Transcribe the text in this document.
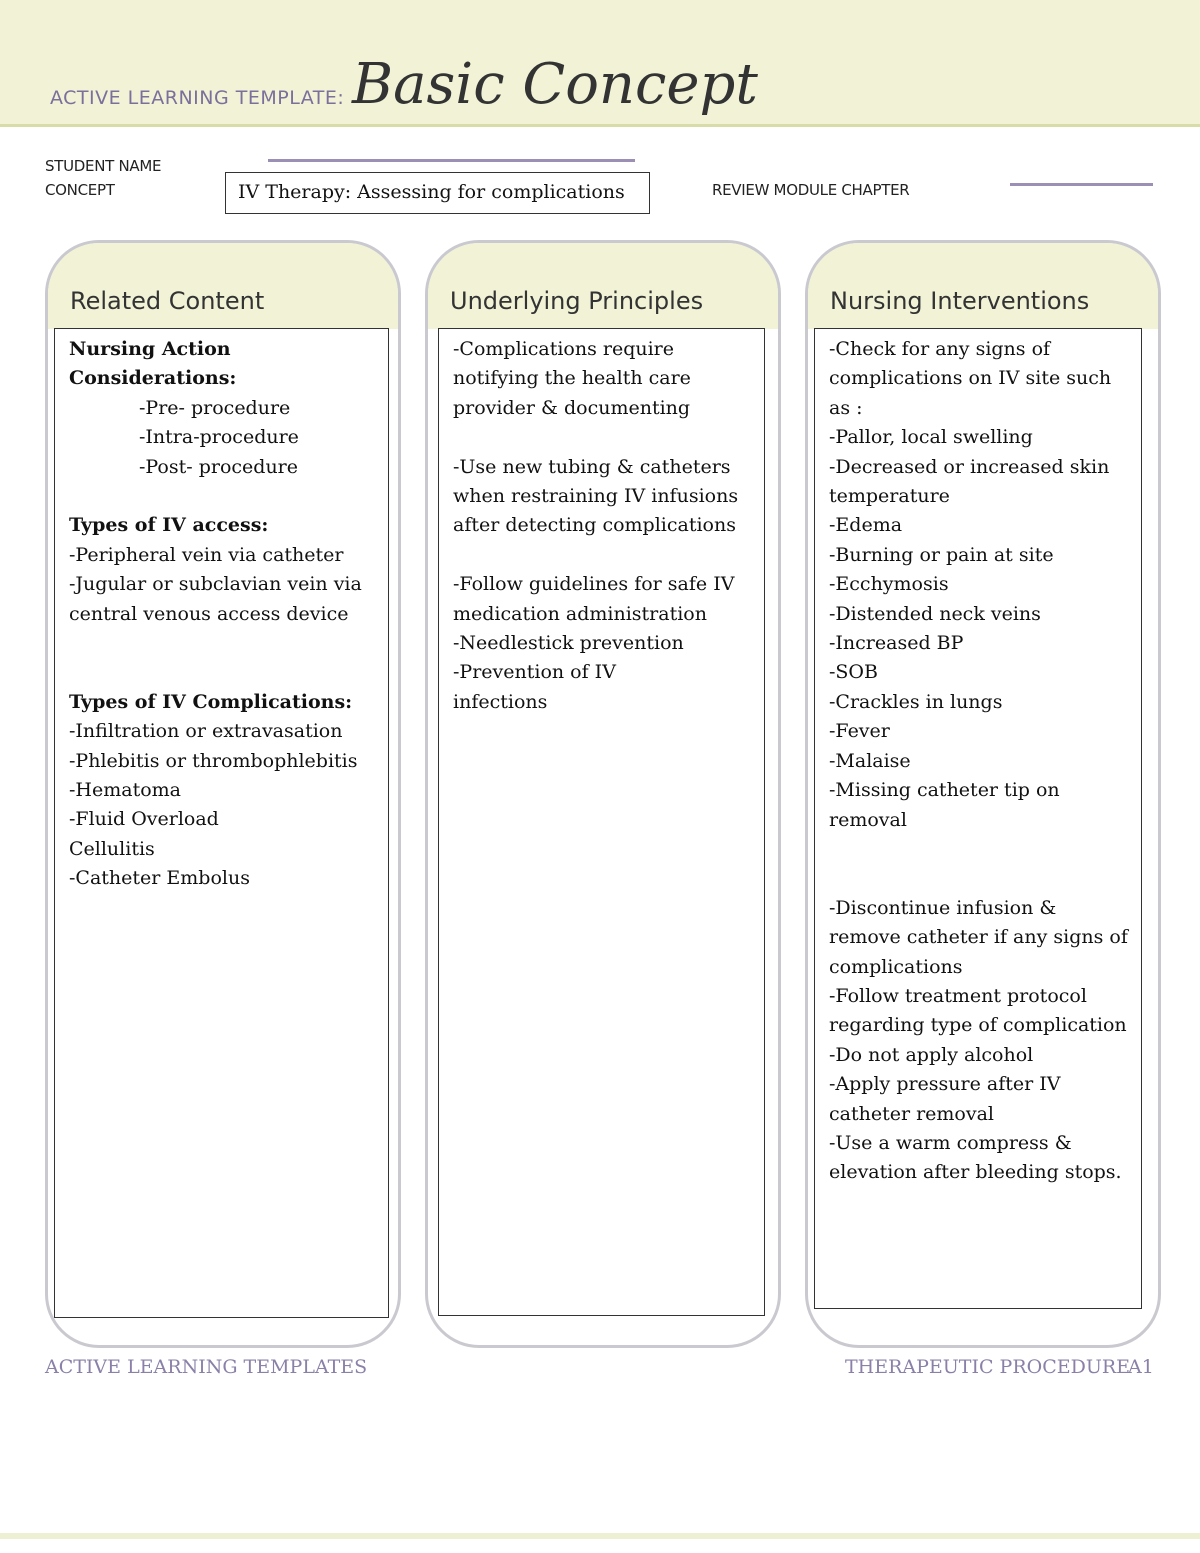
ACTIVE LEARNING TEMPLATE: Basic Concept
STUDENT NAME
CONCEPT	IV Therapy: Assessing for complications	REVIEW MODULE CHAPTER
Related Content
Nursing Action
Considerations:
-Pre- procedure
-Intra-procedure
-Post- procedure
Types of IV access:
-Peripheral vein via catheter
-Jugular or subclavian vein via
central venous access device
Types of IV Complications:
-Infiltration or extravasation
-Phlebitis or thrombophlebitis
-Hematoma
-Fluid Overload
Cellulitis
-Catheter Embolus
Underlying Principles
-Complications require
notifying the health care
provider & documenting
-Use new tubing & catheters
when restraining IV infusions
after detecting complications
-Follow guidelines for safe IV
medication administration
-Needlestick prevention
-Prevention of IV
infections
Nursing Interventions
-Check for any signs of
complications on IV site such
as :
-Pallor, local swelling
-Decreased or increased skin
temperature
-Edema
-Burning or pain at site
-Ecchymosis
-Distended neck veins
-Increased BP
-SOB
-Crackles in lungs
-Fever
-Malaise
-Missing catheter tip on
removal
-Discontinue infusion &
remove catheter if any signs of
complications
-Follow treatment protocol
regarding type of complication
-Do not apply alcohol
-Apply pressure after IV
catheter removal
-Use a warm compress &
elevation after bleeding stops.
ACTIVE LEARNING TEMPLATES	THERAPEUTIC PROCEDURE
A1
